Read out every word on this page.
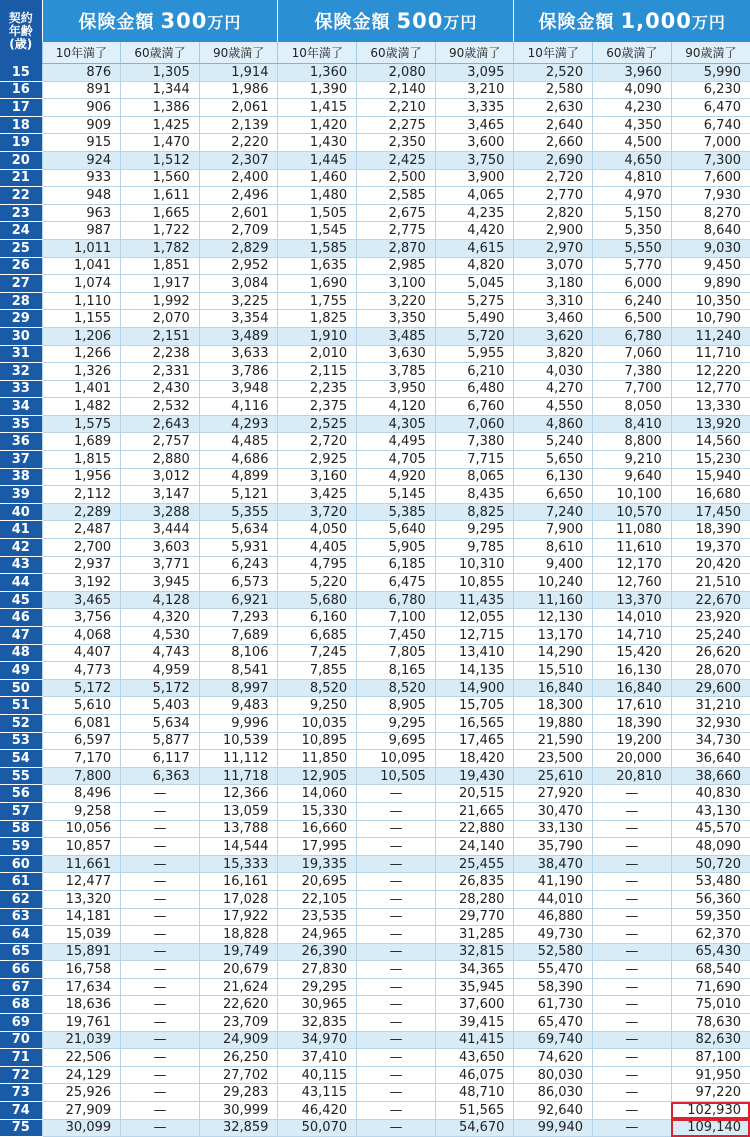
契約
年齢
(歳)	保険金額 300万円			保険金額 500万円			保険金額 1,000万円		
	10年満了	60歳満了	90歳満了	10年満了	60歳満了	90歳満了	10年満了	60歳満了	90歳満了
15	876	1,305	1,914	1,360	2,080	3,095	2,520	3,960	5,990
16	891	1,344	1,986	1,390	2,140	3,210	2,580	4,090	6,230
17	906	1,386	2,061	1,415	2,210	3,335	2,630	4,230	6,470
18	909	1,425	2,139	1,420	2,275	3,465	2,640	4,350	6,740
19	915	1,470	2,220	1,430	2,350	3,600	2,660	4,500	7,000
20	924	1,512	2,307	1,445	2,425	3,750	2,690	4,650	7,300
21	933	1,560	2,400	1,460	2,500	3,900	2,720	4,810	7,600
22	948	1,611	2,496	1,480	2,585	4,065	2,770	4,970	7,930
23	963	1,665	2,601	1,505	2,675	4,235	2,820	5,150	8,270
24	987	1,722	2,709	1,545	2,775	4,420	2,900	5,350	8,640
25	1,011	1,782	2,829	1,585	2,870	4,615	2,970	5,550	9,030
26	1,041	1,851	2,952	1,635	2,985	4,820	3,070	5,770	9,450
27	1,074	1,917	3,084	1,690	3,100	5,045	3,180	6,000	9,890
28	1,110	1,992	3,225	1,755	3,220	5,275	3,310	6,240	10,350
29	1,155	2,070	3,354	1,825	3,350	5,490	3,460	6,500	10,790
30	1,206	2,151	3,489	1,910	3,485	5,720	3,620	6,780	11,240
31	1,266	2,238	3,633	2,010	3,630	5,955	3,820	7,060	11,710
32	1,326	2,331	3,786	2,115	3,785	6,210	4,030	7,380	12,220
33	1,401	2,430	3,948	2,235	3,950	6,480	4,270	7,700	12,770
34	1,482	2,532	4,116	2,375	4,120	6,760	4,550	8,050	13,330
35	1,575	2,643	4,293	2,525	4,305	7,060	4,860	8,410	13,920
36	1,689	2,757	4,485	2,720	4,495	7,380	5,240	8,800	14,560
37	1,815	2,880	4,686	2,925	4,705	7,715	5,650	9,210	15,230
38	1,956	3,012	4,899	3,160	4,920	8,065	6,130	9,640	15,940
39	2,112	3,147	5,121	3,425	5,145	8,435	6,650	10,100	16,680
40	2,289	3,288	5,355	3,720	5,385	8,825	7,240	10,570	17,450
41	2,487	3,444	5,634	4,050	5,640	9,295	7,900	11,080	18,390
42	2,700	3,603	5,931	4,405	5,905	9,785	8,610	11,610	19,370
43	2,937	3,771	6,243	4,795	6,185	10,310	9,400	12,170	20,420
44	3,192	3,945	6,573	5,220	6,475	10,855	10,240	12,760	21,510
45	3,465	4,128	6,921	5,680	6,780	11,435	11,160	13,370	22,670
46	3,756	4,320	7,293	6,160	7,100	12,055	12,130	14,010	23,920
47	4,068	4,530	7,689	6,685	7,450	12,715	13,170	14,710	25,240
48	4,407	4,743	8,106	7,245	7,805	13,410	14,290	15,420	26,620
49	4,773	4,959	8,541	7,855	8,165	14,135	15,510	16,130	28,070
50	5,172	5,172	8,997	8,520	8,520	14,900	16,840	16,840	29,600
51	5,610	5,403	9,483	9,250	8,905	15,705	18,300	17,610	31,210
52	6,081	5,634	9,996	10,035	9,295	16,565	19,880	18,390	32,930
53	6,597	5,877	10,539	10,895	9,695	17,465	21,590	19,200	34,730
54	7,170	6,117	11,112	11,850	10,095	18,420	23,500	20,000	36,640
55	7,800	6,363	11,718	12,905	10,505	19,430	25,610	20,810	38,660
56	8,496	—	12,366	14,060	—	20,515	27,920	—	40,830
57	9,258	—	13,059	15,330	—	21,665	30,470	—	43,130
58	10,056	—	13,788	16,660	—	22,880	33,130	—	45,570
59	10,857	—	14,544	17,995	—	24,140	35,790	—	48,090
60	11,661	—	15,333	19,335	—	25,455	38,470	—	50,720
61	12,477	—	16,161	20,695	—	26,835	41,190	—	53,480
62	13,320	—	17,028	22,105	—	28,280	44,010	—	56,360
63	14,181	—	17,922	23,535	—	29,770	46,880	—	59,350
64	15,039	—	18,828	24,965	—	31,285	49,730	—	62,370
65	15,891	—	19,749	26,390	—	32,815	52,580	—	65,430
66	16,758	—	20,679	27,830	—	34,365	55,470	—	68,540
67	17,634	—	21,624	29,295	—	35,945	58,390	—	71,690
68	18,636	—	22,620	30,965	—	37,600	61,730	—	75,010
69	19,761	—	23,709	32,835	—	39,415	65,470	—	78,630
70	21,039	—	24,909	34,970	—	41,415	69,740	—	82,630
71	22,506	—	26,250	37,410	—	43,650	74,620	—	87,100
72	24,129	—	27,702	40,115	—	46,075	80,030	—	91,950
73	25,926	—	29,283	43,115	—	48,710	86,030	—	97,220
74	27,909	—	30,999	46,420	—	51,565	92,640	—	102,930
75	30,099	—	32,859	50,070	—	54,670	99,940	—	109,140
